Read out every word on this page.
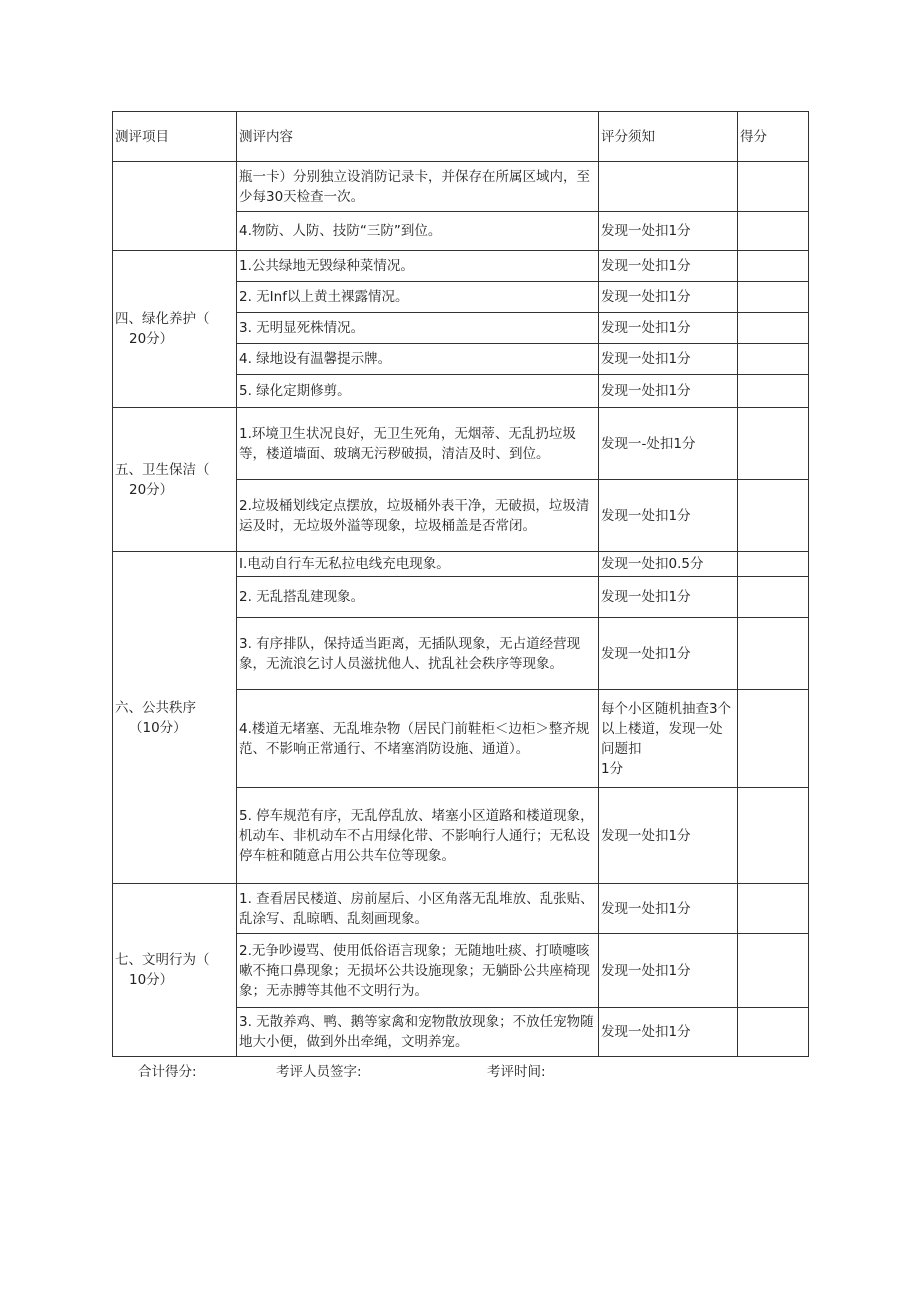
测评项目	测评内容	评分须知	得分
	瓶一卡）分别独立设消防记录卡，并保存在所属区域内，至少每30天检查一次。		
	4.物防、人防、技防“三防”到位。	发现一处扣1分	
四、绿化养护（
20分）	1.公共绿地无毁绿种菜情况。	发现一处扣1分	
	2. 无Inf以上黄土裸露情况。	发现一处扣1分	
	3. 无明显死株情况。	发现一处扣1分	
	4. 绿地设有温馨提示牌。	发现一处扣1分	
	5. 绿化定期修剪。	发现一处扣1分	
五、卫生保洁（
20分）	1.环境卫生状况良好，无卫生死角，无烟蒂、无乱扔垃圾等，楼道墙面、玻璃无污秽破损，清洁及时、到位。	发现一-处扣1分	
	2.垃圾桶划线定点摆放，垃圾桶外表干净，无破损，垃圾清运及时，无垃圾外溢等现象，垃圾桶盖是否常闭。	发现一处扣1分	
六、公共秩序
（10分）	I.电动自行车无私拉电线充电现象。	发现一处扣0.5分	
	2. 无乱搭乱建现象。	发现一处扣1分	
	3. 有序排队，保持适当距离，无插队现象，无占道经营现象，无流浪乞讨人员滋扰他人、扰乱社会秩序等现象。	发现一处扣1分	
	4.楼道无堵塞、无乱堆杂物（居民门前鞋柜＜边柜＞整齐规范、不影响正常通行、不堵塞消防设施、通道）。	每个小区随机抽查3个以上楼道，发现一处问题扣
1分	
	5. 停车规范有序，无乱停乱放、堵塞小区道路和楼道现象，机动车、非机动车不占用绿化带、不影响行人通行；无私设停车桩和随意占用公共车位等现象。	发现一处扣1分	
七、文明行为（
10分）	1. 查看居民楼道、房前屋后、小区角落无乱堆放、乱张贴、乱涂写、乱晾晒、乱刻画现象。	发现一处扣1分	
	2.无争吵谩骂、使用低俗语言现象；无随地吐痰、打喷嚏咳嗽不掩口鼻现象；无损坏公共设施现象；无躺卧公共座椅现象；无赤膊等其他不文明行为。	发现一处扣1分	
	3. 无散养鸡、鸭、鹅等家禽和宠物散放现象；不放任宠物随地大小便，做到外出牵绳，文明养宠。	发现一处扣1分	
合计得分:	考评人员签字:	考评时间:
